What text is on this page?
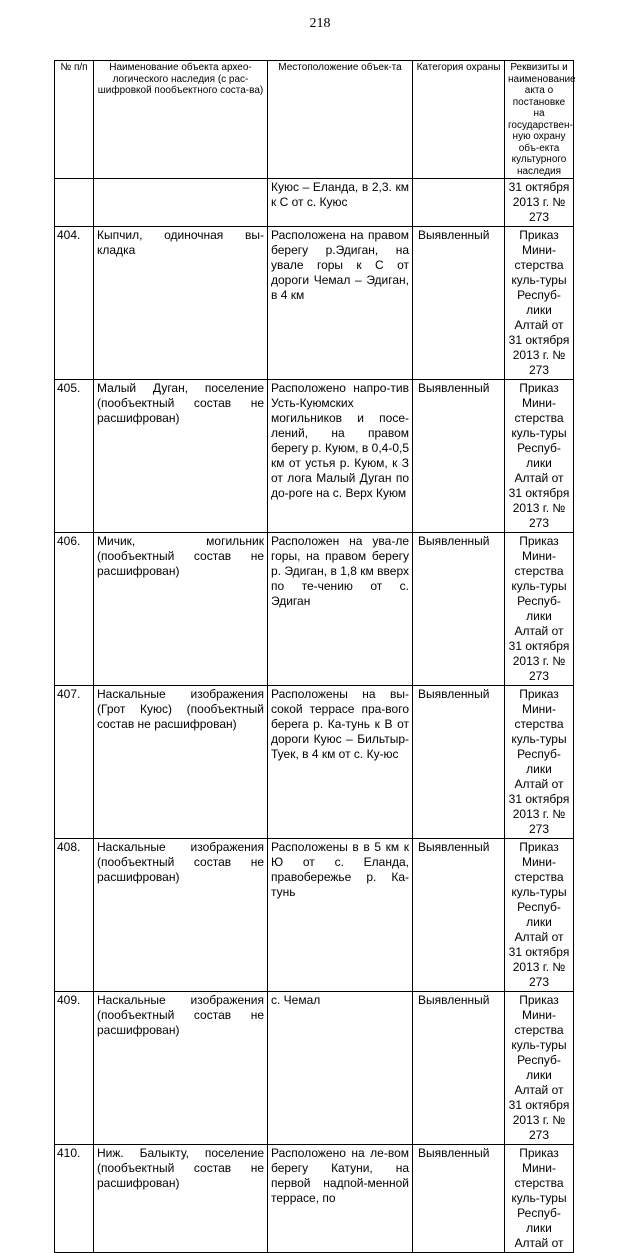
218
№ п/п	Наименование объекта архео-логического наследия (с рас-шифровкой пообъектного соста-ва)	Местоположение объек-та	Категория охраны	Реквизиты и наименование акта о постановке на государствен-ную охрану объ-екта культурного наследия
		Куюс – Еланда, в 2,3. км к С от с. Куюс		31 октября 2013 г. № 273
404.	Кыпчил, одиночная вы-кладка	Расположена на правом берегу р.Эдиган, на увале горы к С от дороги Чемал – Эдиган, в 4 км	Выявленный	Приказ Мини-стерства куль-туры Респуб-лики Алтай от 31 октября 2013 г. № 273
405.	Малый Дуган, поселение (пообъектный состав не расшифрован)	Расположено напро-тив Усть-Куюмских могильников и посе-лений, на правом берегу р. Куюм, в 0,4-0,5 км от устья р. Куюм, к З от лога Малый Дуган по до-роге на с. Верх Куюм	Выявленный	Приказ Мини-стерства куль-туры Респуб-лики Алтай от 31 октября 2013 г. № 273
406.	Мичик, могильник (пообъектный состав не расшифрован)	Расположен на ува-ле горы, на правом берегу р. Эдиган, в 1,8 км вверх по те-чению от с. Эдиган	Выявленный	Приказ Мини-стерства куль-туры Респуб-лики Алтай от 31 октября 2013 г. № 273
407.	Наскальные изображения (Грот Куюс) (пообъектный состав не расшифрован)	Расположены на вы-сокой террасе пра-вого берега р. Ка-тунь к В от дороги Куюс – Бильтыр-Туек, в 4 км от с. Ку-юс	Выявленный	Приказ Мини-стерства куль-туры Респуб-лики Алтай от 31 октября 2013 г. № 273
408.	Наскальные изображения (пообъектный состав не расшифрован)	Расположены в в 5 км к Ю от с. Еланда, правобережье р. Ка-тунь	Выявленный	Приказ Мини-стерства куль-туры Респуб-лики Алтай от 31 октября 2013 г. № 273
409.	Наскальные изображения (пообъектный состав не расшифрован)	с. Чемал	Выявленный	Приказ Мини-стерства куль-туры Респуб-лики Алтай от 31 октября 2013 г. № 273
410.	Ниж. Балыкту, поселение (пообъектный состав не расшифрован)	Расположено на ле-вом берегу Катуни, на первой надпой-менной террасе, по	Выявленный	Приказ Мини-стерства куль-туры Респуб-лики Алтай от
